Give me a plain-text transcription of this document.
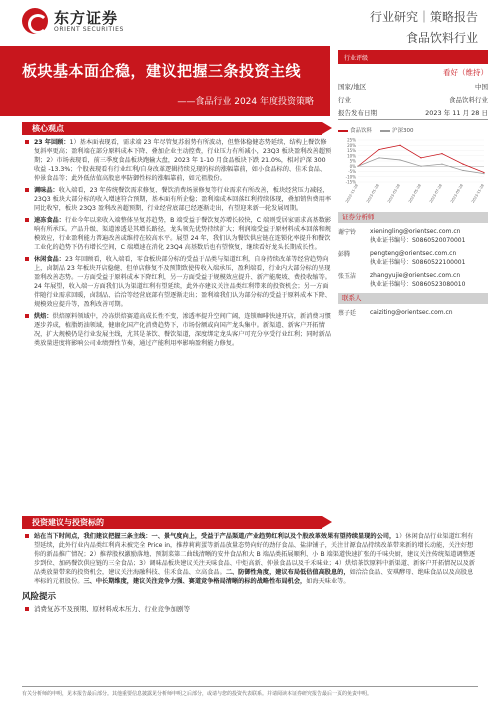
东方证券
ORIENT SECURITIES
行业研究｜策略报告
食品饮料行业
板块基本面企稳，建议把握三条投资主线
——食品行业 2024 年度投资策略
行业评级
看好（维持）
国家/地区	中国
行业	食品饮料行业
报告发布日期	2023 年 11 月 28 日
食品饮料	沪深300
-15%
-10%
-5%
0%
5%
10%
15%
20%
25%
2022-11-28 2023-01-28 2023-03-28 2023-05-28 2023-07-28 2023-09-28 2023-11-28
证券分析师
谢宁铃	xieningling@orientsec.com.cn
执业证书编号：S0860520070001
彭腾	pengteng@orientsec.com.cn
执业证书编号：S0860522100001
张玉洁	zhangyujie@orientsec.com.cn
执业证书编号：S0860523080010
联系人
蔡子廷	caiziting@orientsec.com.cn
核心观点
23 年回顾：1）基本面表现看，需求端 23 年尽管复苏弱势有所波动，但整体稳健态势延续，结构上餐饮修复斜率更高；盈利端在部分原料成本下降、叠加企业主动控费，行业压力有所减小，23Q3 板块盈利改善超预期；2）市场表现看，前三季度食品板块跑输大盘，2023 年 1-10 月食品板块下跌 21.0%，相对沪深 300 收益 -13.3%；个股表现看有行业红利/自身改革逻辑持续兑现的标的涨幅靠前，如小食品标的、佳禾食品、仲景食品等；此外低估值高股息率防御性标的涨幅靠前，如元祖股份。
调味品：收入端看，23 年传统餐饮需求修复、餐饮消费场景修复等行业需求有所改善，板块经营压力减轻，23Q3 板块大部分标的收入增速符合预期，基本面有所企稳；盈利端成本回落红利持续体现，叠加销售费用率同比收窄，板块 23Q3 盈利改善超预期，行业经营底部已经逐渐走出，有望迎来新一轮发展周期。
速冻食品：行业今年以来收入端整体呈复苏趋势，B 端受益于餐饮复苏增长较快，C 端则受居家需求高基数影响有所承压。产品升级、渠道渗透是其增长路径，龙头领先优势持续扩大；利润端受益于原材料成本回落和规模效应，行业盈利能力普遍改善或维持在较高水平。展望 24 年，我们认为餐饮供应链在连锁化率提升和餐饮工业化的趋势下仍有增长空间，C 端增速在消化 23Q4 高基数后也有望恢复，继续看好龙头长期成长性。
休闲食品：23 年回顾看，收入端看，零食板块部分标的受益于品类与渠道红利，自身持续改革等经营趋势向上，卤制品 23 年板块开店稳健、但单店修复不及预期致使传收入端承压，盈利端看，行业内大部分标的呈现盈利改善态势。一方面受益于原料成本下降红利，另一方面受益于规模效应提升、新产能爬坡、费投收缩等。24 年展望，收入端一方面我们认为渠道红利有望延续，此外亦建议关注品类红利带来的投资机会；另一方面伴随行业需求回暖，卤制品、洽洽等经营底部有望逐渐走出；盈利端我们认为部分标的受益于原料成本下降、规模效应提升等，盈利改善可期。
烘焙：烘焙原料领域中，冷冻烘焙赛道高成长性不变，渗透率提升空间广阔，连锁咖啡快速开店，新消费习惯逐步养成，植脂奶油领域，健康化国产化消费趋势下，市场份额或向国产龙头集中。新渠道、新客户开拓情况，扩大规模仍是行业发展主线，尤其是茶饮、餐饮渠道，深度绑定龙头客户可充分享受行业红利；同时新品类放量进度将影响公司业绩弹性节奏，通过产能利用率影响盈利能力修复。
投资建议与投资标的
站在当下时间点，我们建议把握三条主线：一、景气度向上，受益于产品渠道/产业趋势红利以及个股改革效果有望持续显现的公司，1）休闲食品行业渠道红利有望延续，此外行业内品类红利尚未被完全 Price in，推荐莉莉蛋等新品放量态势向好的劲仔食品、盐津铺子，关注甘源食品持续改革带来新的增长动能，关注好想你的新品推广情况；2）推荐股权激励落地、预制菜第二曲线清晰的安井食品和大 B 端品类拓展顺利、小 B 端渠道快速扩张的千味央厨，建议关注传统渠道调整逐步到位、加码餐饮供应链的三全食品；3）调味品板块建议关注天味食品、中炬高新、仲景食品以及千禾味业；4）烘焙茶饮原料中新渠道、新客户开拓情况以及新品类放量带来的投资机会，建议关注海融科技、佳禾食品、立高食品。二、防御性角度，建议布局低估值高股息的，如洽洽食品、安琪酵母、绝味食品以及高股息率标的元祖股份。三、中长期维度，建议关注竞争力强、赛道竞争格局清晰的标的战略性布局机会，如海天味业等。
风险提示
消费复苏不及预期、原材料成本压力、行业竞争加剧等
有关分析师的申明，见本报告最后部分。其他重要信息披露见分析师申明之后部分，或请与您的投资代表联系。并请阅读本证券研究报告最后一页的免责申明。
